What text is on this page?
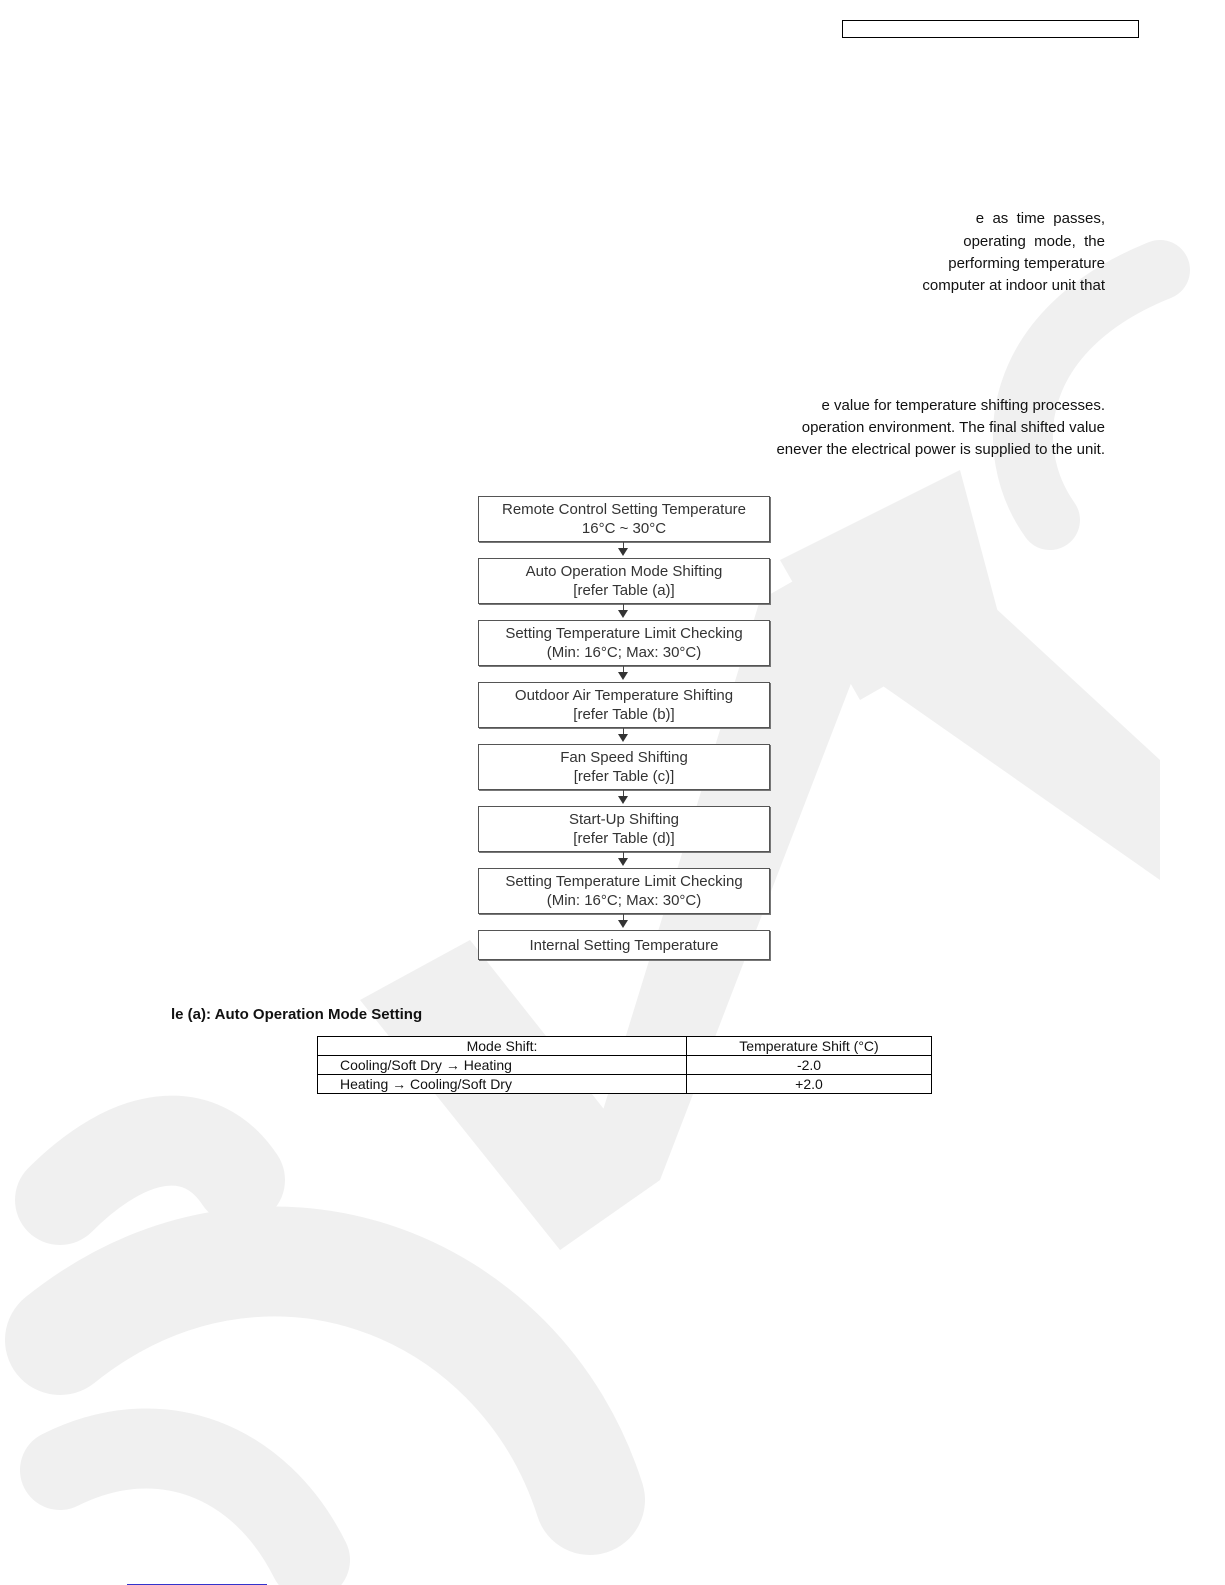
e  as  time  passes,
operating  mode,  the
performing temperature
computer at indoor unit that
e value for temperature shifting processes.
operation environment. The final shifted value
enever the electrical power is supplied to the unit.
Remote Control Setting Temperature
16°C ~ 30°C
Auto Operation Mode Shifting
[refer Table (a)]
Setting Temperature Limit Checking
(Min: 16°C; Max: 30°C)
Outdoor Air Temperature Shifting
[refer Table (b)]
Fan Speed Shifting
[refer Table (c)]
Start-Up Shifting
[refer Table (d)]
Setting Temperature Limit Checking
(Min: 16°C; Max: 30°C)
Internal Setting Temperature
le (a): Auto Operation Mode Setting
Mode Shift:	Temperature Shift (°C)
Cooling/Soft Dry → Heating	-2.0
Heating → Cooling/Soft Dry	+2.0
